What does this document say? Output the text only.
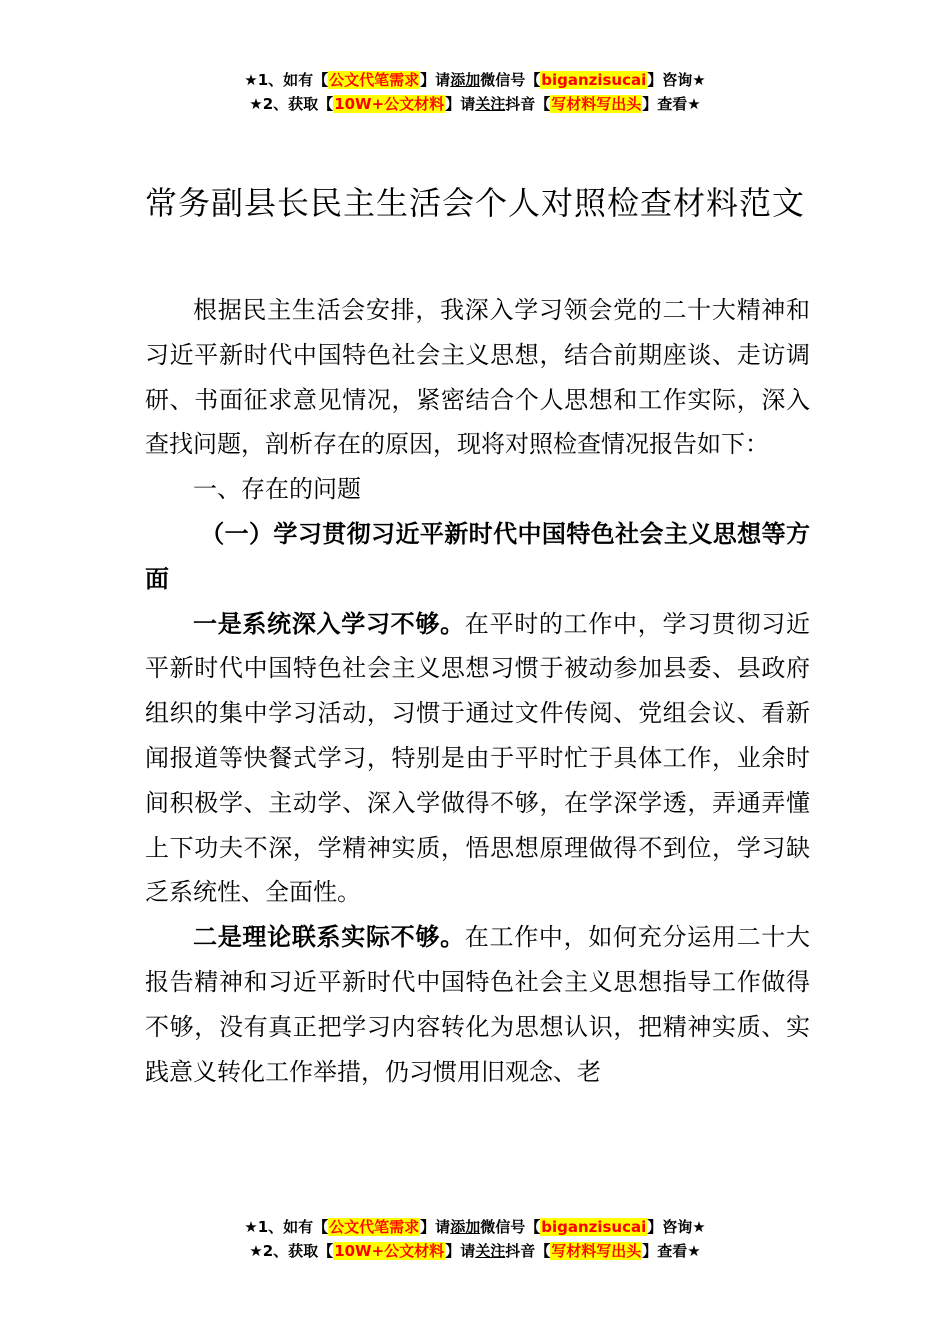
★1、如有【公文代笔需求】请添加微信号【biganzisucai】咨询★
★2、获取【10W+公文材料】请关注抖音【写材料写出头】查看★
常务副县长民主生活会个人对照检查材料范文

根据民主生活会安排，我深入学习领会党的二十大精神和习近平新时代中国特色社会主义思想，结合前期座谈、走访调研、书面征求意见情况，紧密结合个人思想和工作实际，深入查找问题，剖析存在的原因，现将对照检查情况报告如下：

一、存在的问题

（一）学习贯彻习近平新时代中国特色社会主义思想等方面

一是系统深入学习不够。在平时的工作中，学习贯彻习近平新时代中国特色社会主义思想习惯于被动参加县委、县政府组织的集中学习活动，习惯于通过文件传阅、党组会议、看新闻报道等快餐式学习，特别是由于平时忙于具体工作，业余时间积极学、主动学、深入学做得不够，在学深学透，弄通弄懂上下功夫不深，学精神实质，悟思想原理做得不到位，学习缺乏系统性、全面性。

二是理论联系实际不够。在工作中，如何充分运用二十大报告精神和习近平新时代中国特色社会主义思想指导工作做得不够，没有真正把学习内容转化为思想认识，把精神实质、实践意义转化工作举措，仍习惯用旧观念、老

★1、如有【公文代笔需求】请添加微信号【biganzisucai】咨询★
★2、获取【10W+公文材料】请关注抖音【写材料写出头】查看★
